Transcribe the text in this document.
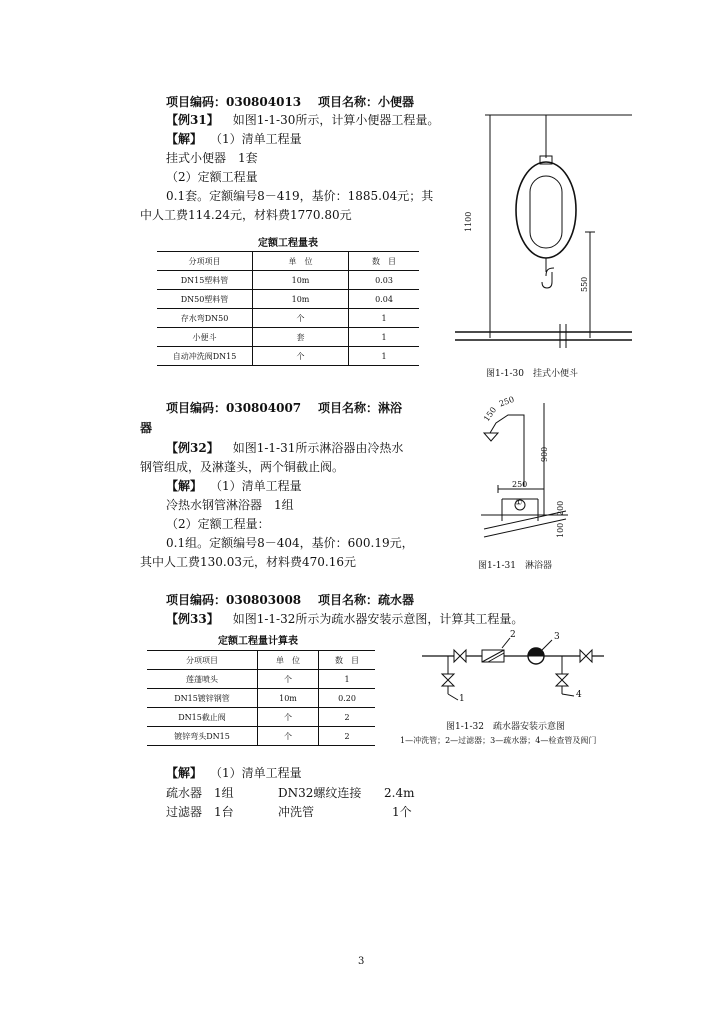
项目编码：030804013 项目名称：小便器
【例31】 如图1-1-30所示，计算小便器工程量。
【解】 （1）清单工程量
挂式小便器　1套
（2）定额工程量
0.1套。定额编号8－419，基价：1885.04元；其
中人工费114.24元，材料费1770.80元
定额工程量表
分项项目	单　位	数　目
DN15塑料管	10m	0.03
DN50塑料管	10m	0.04
存水弯DN50	个	1
小便斗	套	1
自动冲洗阀DN15	个	1
1100
550
图1-1-30　挂式小便斗
项目编码：030804007 项目名称：淋浴
器
【例32】 如图1-1-31所示淋浴器由冷热水
钢管组成，及淋蓬头，两个铜截止阀。
【解】 （1）清单工程量
冷热水钢管淋浴器　1组
（2）定额工程量：
0.1组。定额编号8－404，基价：600.19元，
其中人工费130.03元，材料费470.16元
150
250
900
250
①	200
100
图1-1-31　淋浴器
项目编码：030803008 项目名称：疏水器
【例33】 如图1-1-32所示为疏水器安装示意图，计算其工程量。
定额工程量计算表
分项项目	单　位	数　目
莲蓬喷头	个	1
DN15镀锌钢管	10m	0.20
DN15截止阀	个	2
镀锌弯头DN15	个	2
2	3
1	4
图1-1-32　疏水器安装示意图
1—冲洗管；2—过滤器；3—疏水器；4—检查管及阀门
【解】 （1）清单工程量
疏水器　1组	DN32螺纹连接 2.4m
过滤器　1台	冲洗管	1个
3
